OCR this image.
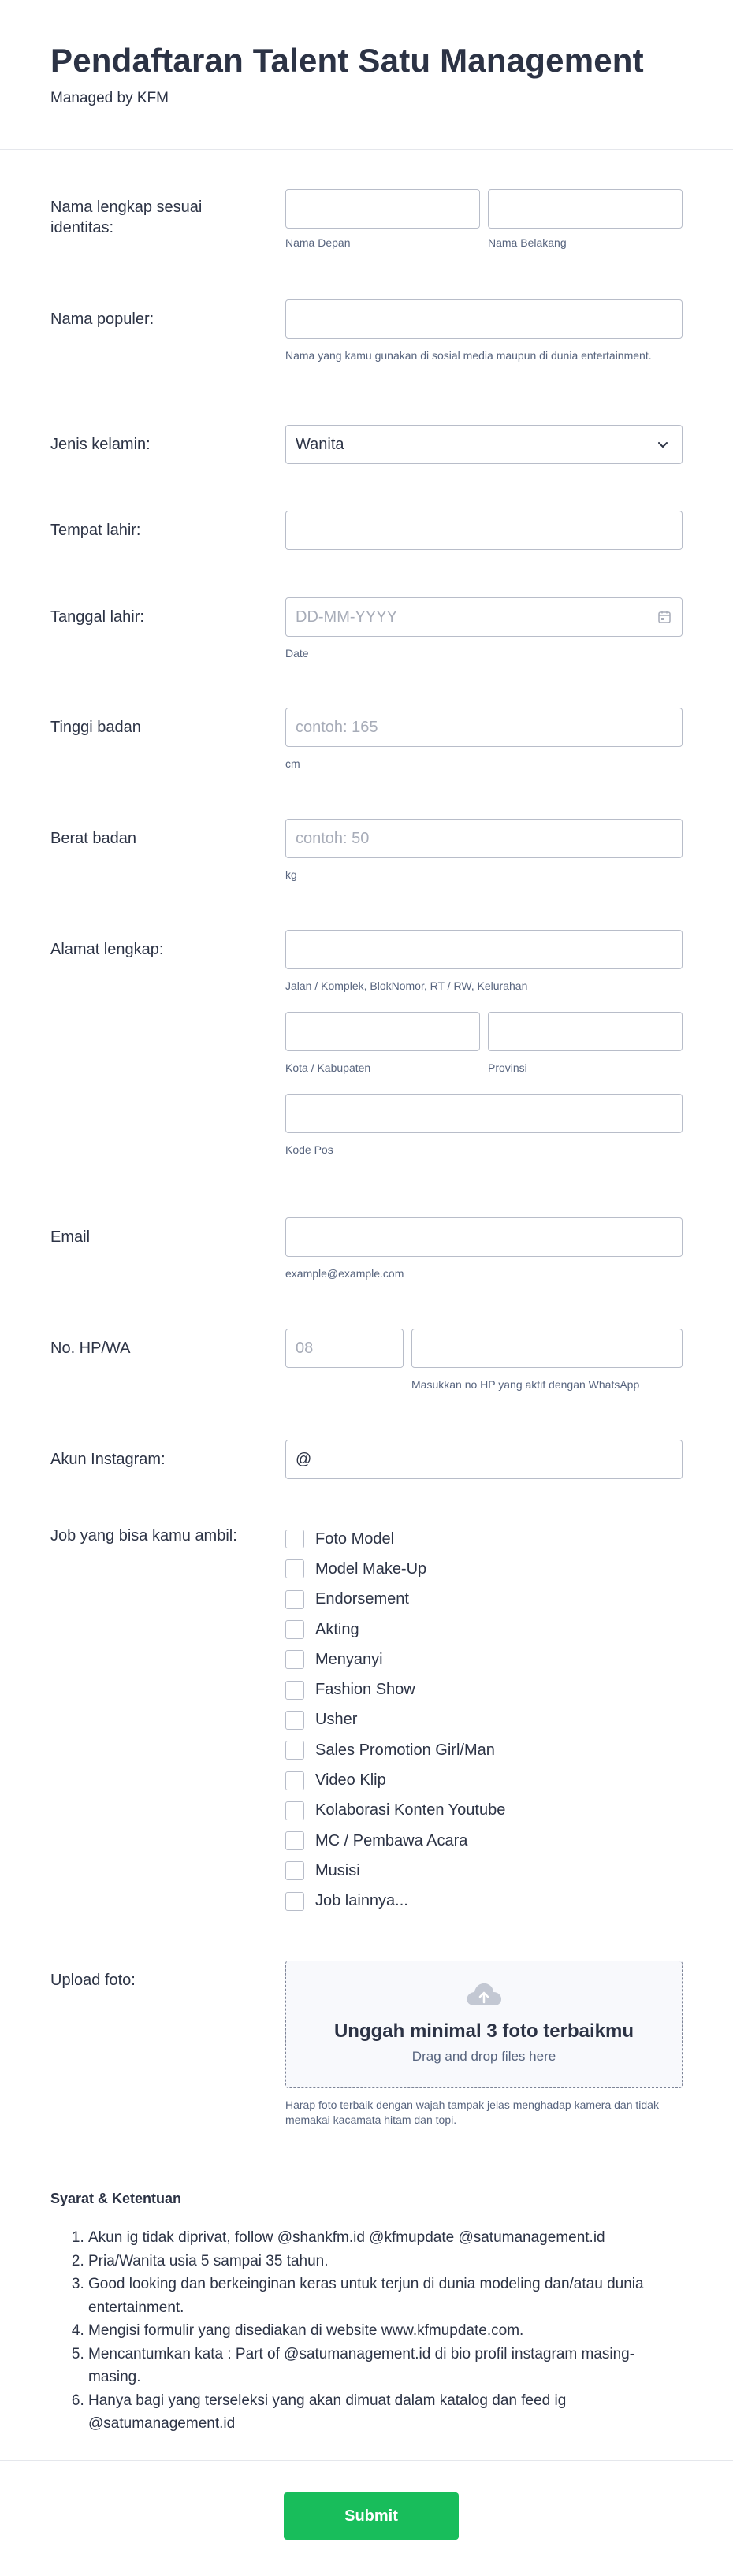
Pendaftaran Talent Satu Management
Managed by KFM
Nama lengkap sesuai identitas:
Nama Depan	Nama Belakang
Nama populer:
Nama yang kamu gunakan di sosial media maupun di dunia entertainment.
Jenis kelamin:	Wanita
Tempat lahir:
Tanggal lahir:	DD-MM-YYYY
Date
Tinggi badan	contoh: 165
cm
Berat badan	contoh: 50
kg
Alamat lengkap:
Jalan / Komplek, BlokNomor, RT / RW, Kelurahan
Kota / Kabupaten	Provinsi
Kode Pos
Email
example@example.com
No. HP/WA	08
Masukkan no HP yang aktif dengan WhatsApp
Akun Instagram:	@
Job yang bisa kamu ambil:	Foto Model
Model Make-Up
Endorsement
Akting
Menyanyi
Fashion Show
Usher
Sales Promotion Girl/Man
Video Klip
Kolaborasi Konten Youtube
MC / Pembawa Acara
Musisi
Job lainnya...
Upload foto:
Unggah minimal 3 foto terbaikmu
Drag and drop files here
Harap foto terbaik dengan wajah tampak jelas menghadap kamera dan tidak memakai kacamata hitam dan topi.
Syarat & Ketentuan
1. Akun ig tidak diprivat, follow @shankfm.id @kfmupdate @satumanagement.id
2. Pria/Wanita usia 5 sampai 35 tahun.
3. Good looking dan berkeinginan keras untuk terjun di dunia modeling dan/atau dunia entertainment.
4. Mengisi formulir yang disediakan di website www.kfmupdate.com.
5. Mencantumkan kata : Part of @satumanagement.id di bio profil instagram masing-masing.
6. Hanya bagi yang terseleksi yang akan dimuat dalam katalog dan feed ig @satumanagement.id
Submit
